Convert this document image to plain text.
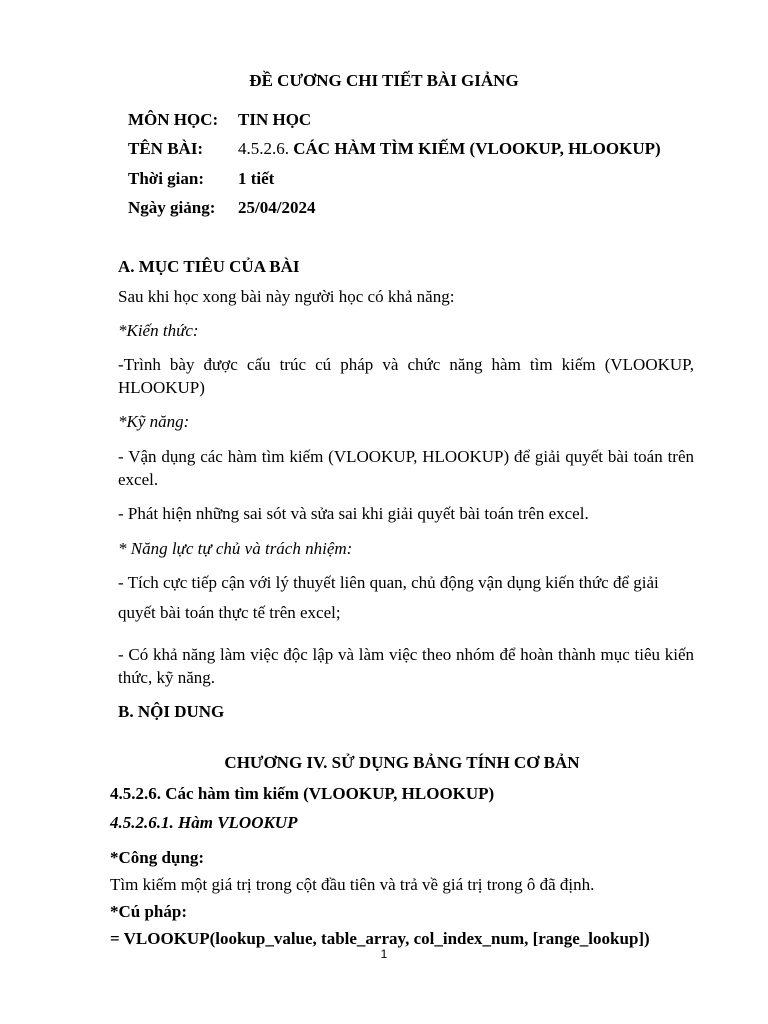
ĐỀ CƯƠNG CHI TIẾT BÀI GIẢNG
MÔN HỌC: TIN HỌC
TÊN BÀI: 4.5.2.6. CÁC HÀM TÌM KIẾM (VLOOKUP, HLOOKUP)
Thời gian: 1 tiết
Ngày giảng: 25/04/2024
A. MỤC TIÊU CỦA BÀI
Sau khi học xong bài này người học có khả năng:
*Kiến thức:
-Trình bày được cấu trúc cú pháp và chức năng hàm tìm kiếm (VLOOKUP, HLOOKUP)
*Kỹ năng:
- Vận dụng các hàm tìm kiếm (VLOOKUP, HLOOKUP) để giải quyết bài toán trên excel.
- Phát hiện những sai sót và sửa sai khi giải quyết bài toán trên excel.
* Năng lực tự chủ và trách nhiệm:
- Tích cực tiếp cận với lý thuyết liên quan, chủ động vận dụng kiến thức để giải
quyết bài toán thực tế trên excel;
- Có khả năng làm việc độc lập và làm việc theo nhóm để hoàn thành mục tiêu kiến thức, kỹ năng.
B. NỘI DUNG
CHƯƠNG IV. SỬ DỤNG BẢNG TÍNH CƠ BẢN
4.5.2.6. Các hàm tìm kiếm (VLOOKUP, HLOOKUP)
4.5.2.6.1. Hàm VLOOKUP
*Công dụng:
Tìm kiếm một giá trị trong cột đầu tiên và trả về giá trị trong ô đã định.
*Cú pháp:
= VLOOKUP(lookup_value, table_array, col_index_num, [range_lookup])
1
